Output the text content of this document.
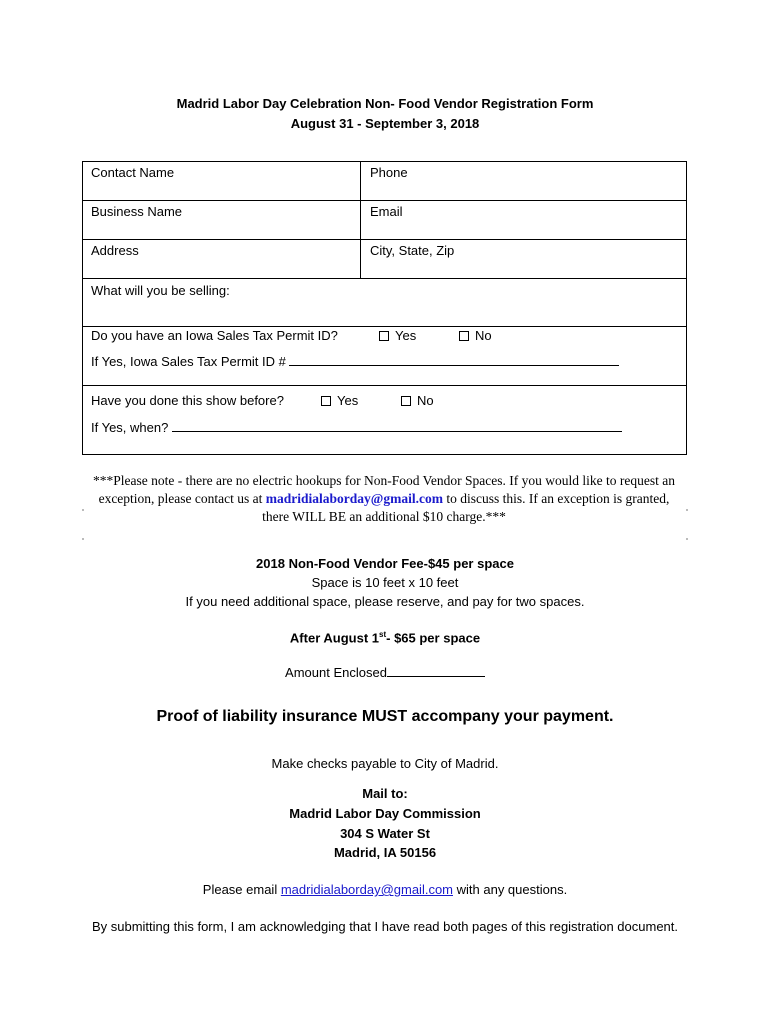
Madrid Labor Day Celebration Non- Food Vendor Registration Form
August 31 - September 3, 2018
Contact Name	Phone
Business Name	Email
Address	City, State, Zip
What will you be selling:
Do you have an Iowa Sales Tax Permit ID?	Yes	No
If Yes, Iowa Sales Tax Permit ID #
Have you done this show before?	Yes	No
If Yes, when?
***Please note - there are no electric hookups for Non-Food Vendor Spaces. If you would like to request an exception, please contact us at madridialaborday@gmail.com to discuss this. If an exception is granted, there WILL BE an additional $10 charge.***
2018 Non-Food Vendor Fee-$45 per space
Space is 10 feet x 10 feet
If you need additional space, please reserve, and pay for two spaces.
After August 1st- $65 per space
Amount Enclosed
Proof of liability insurance MUST accompany your payment.
Make checks payable to City of Madrid.
Mail to:
Madrid Labor Day Commission
304 S Water St
Madrid, IA 50156
Please email madridialaborday@gmail.com with any questions.
By submitting this form, I am acknowledging that I have read both pages of this registration document.
